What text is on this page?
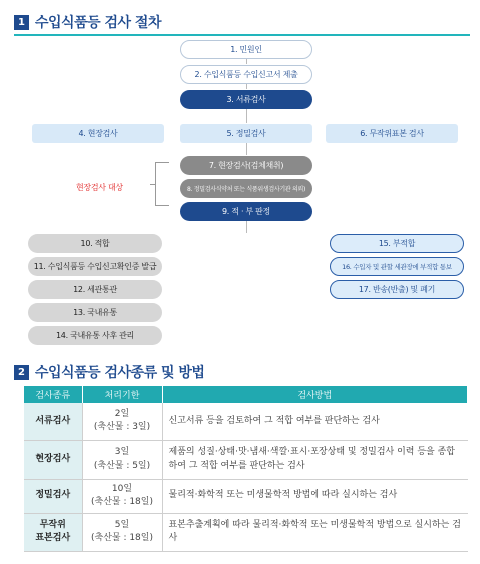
1 수입식품등 검사 절차
1. 민원인
2. 수입식품등 수입신고서 제출
3. 서류검사
4. 현장검사	5. 정밀검사	6. 무작위표본 검사
현장검사 대상
7. 현장검사(검체채취)
8. 정밀검사식약처 또는 식품위생검사기관 의뢰)
9. 적 · 부 판정
10. 적합
11. 수입식품등 수입신고확인증 발급
12. 세관통관
13. 국내유통
14. 국내유통 사후 관리
15. 부적합
16. 수입자 및 관할 세관장에 부적합 통보
17. 반송(반출) 및 폐기
2 수입식품등 검사종류 및 방법
검사종류	처리기한	검사방법

서류검사	2일
(축산물 : 3일)	신고서류 등을 검토하여 그 적합 여부를 판단하는 검사

현장검사	3일
(축산물 : 5일)	제품의 성질·상태·맛·냄새·색깔·표시·포장상태 및 정밀검사 이력 등을 종합하여 그 적합 여부를 판단하는 검사

정밀검사	10일
(축산물 : 18일)	물리적·화학적 또는 미생물학적 방법에 따라 실시하는 검사

무작위
표본검사	5일
(축산물 : 18일)	표본추출계획에 따라 물리적·화학적 또는 미생물학적 방법으로 실시하는 검사
